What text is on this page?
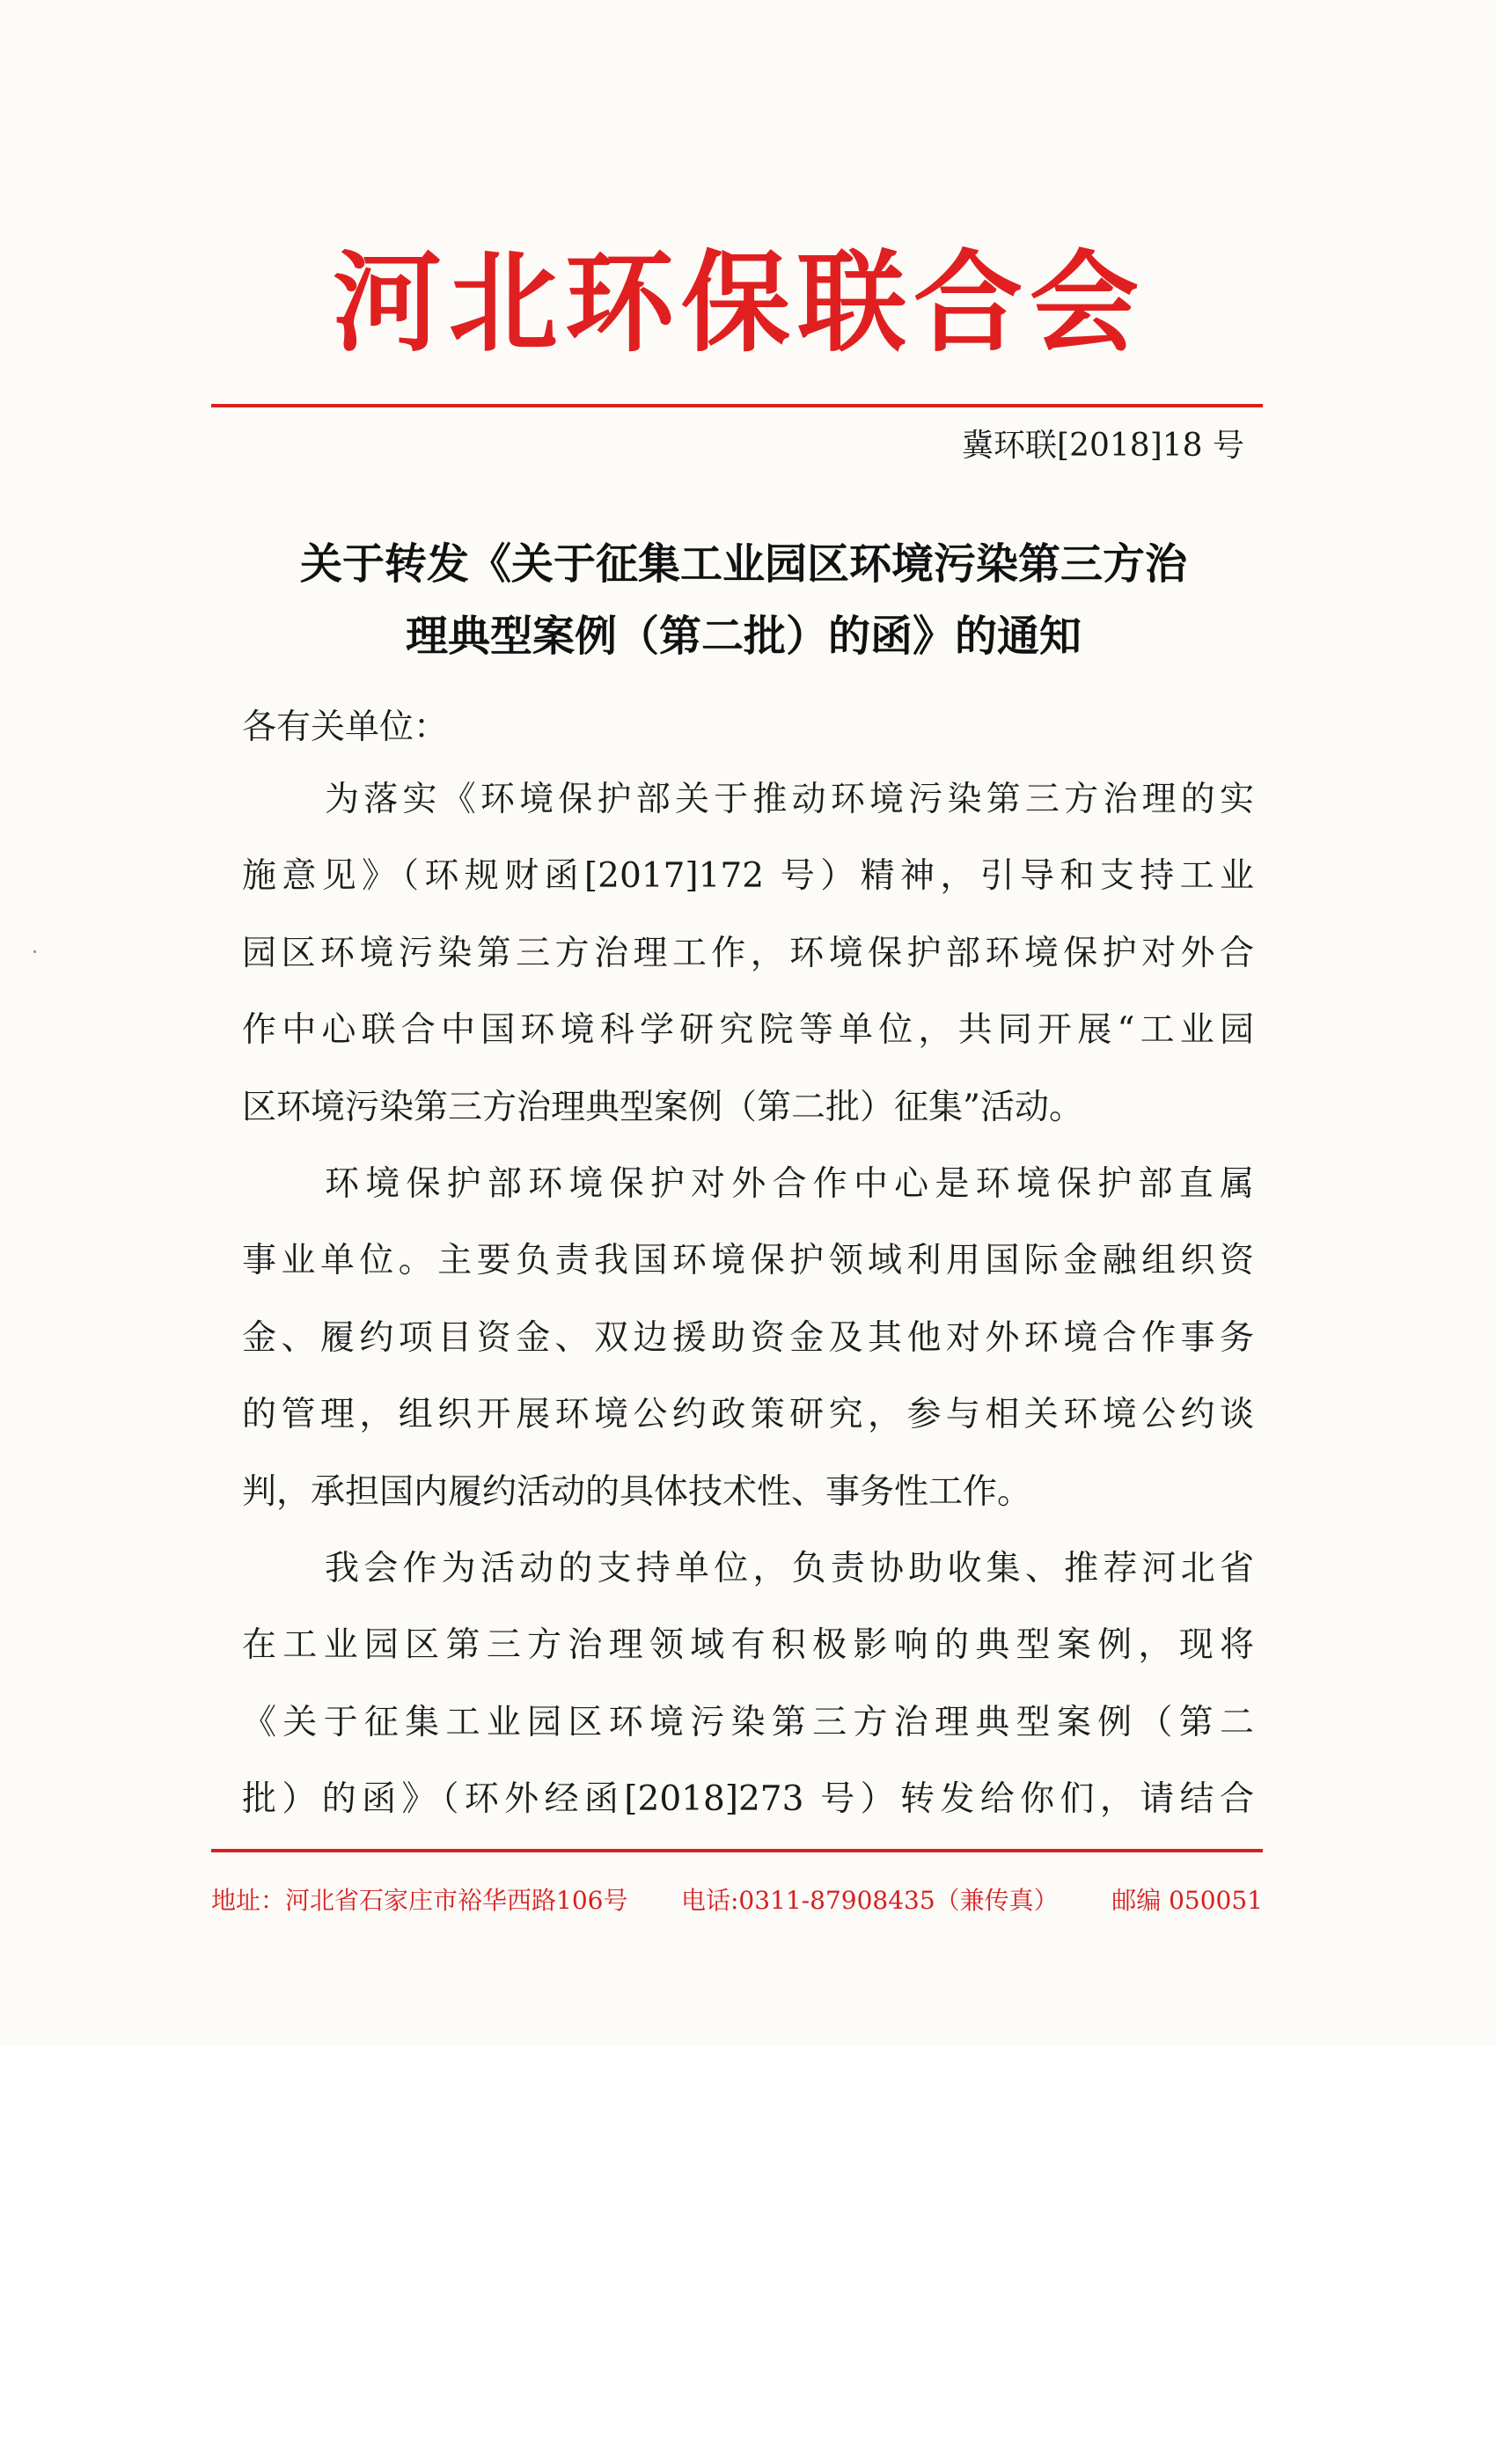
河北环保联合会
冀环联[2018]18 号
关于转发《关于征集工业园区环境污染第三方治
理典型案例（第二批）的函》的通知
各有关单位：
为落实《环境保护部关于推动环境污染第三方治理的实
施意见》（环规财函[2017]172 号）精神，引导和支持工业
园区环境污染第三方治理工作，环境保护部环境保护对外合
作中心联合中国环境科学研究院等单位，共同开展“工业园
区环境污染第三方治理典型案例（第二批）征集”活动。
环境保护部环境保护对外合作中心是环境保护部直属
事业单位。主要负责我国环境保护领域利用国际金融组织资
金、履约项目资金、双边援助资金及其他对外环境合作事务
的管理，组织开展环境公约政策研究，参与相关环境公约谈
判，承担国内履约活动的具体技术性、事务性工作。
我会作为活动的支持单位，负责协助收集、推荐河北省
在工业园区第三方治理领域有积极影响的典型案例，现将
《关于征集工业园区环境污染第三方治理典型案例（第二
批）的函》（环外经函[2018]273 号）转发给你们，请结合
地址：河北省石家庄市裕华西路106号 电话:0311-87908435（兼传真） 邮编 050051
